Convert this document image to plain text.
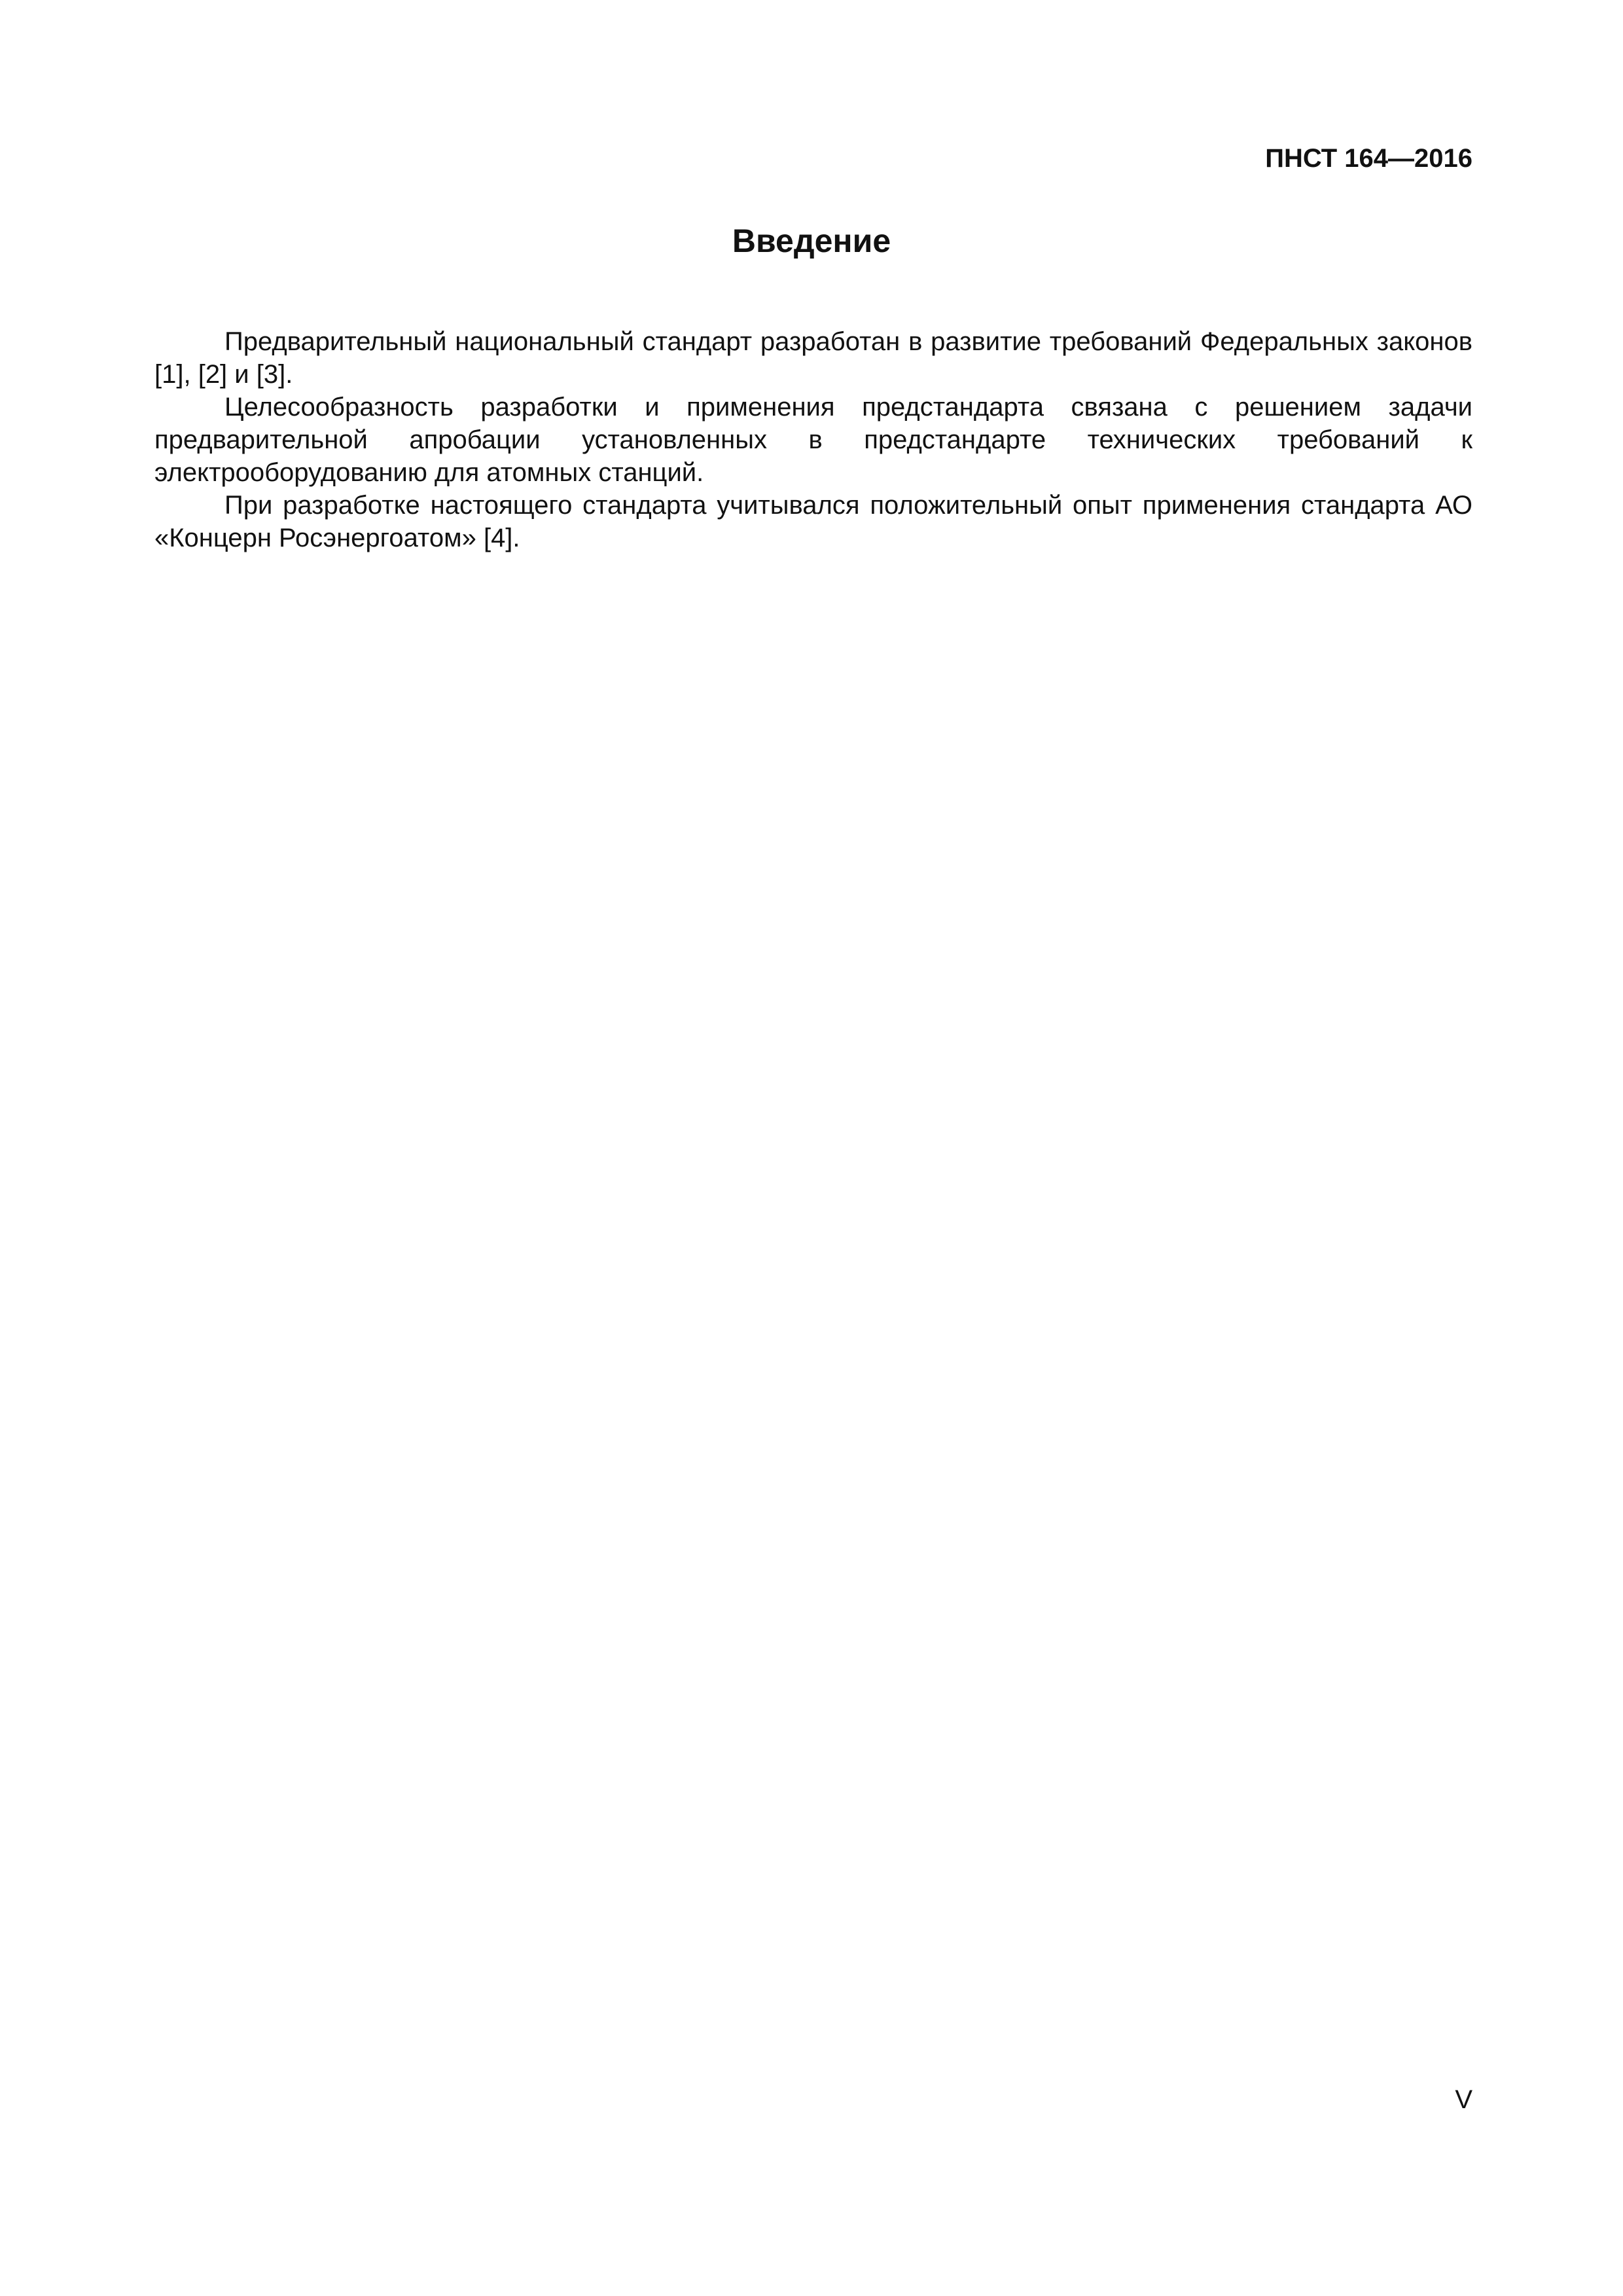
ПНСТ 164—2016
Введение

Предварительный национальный стандарт разработан в развитие требований Федеральных законов [1], [2] и [3].

Целесообразность разработки и применения предстандарта связана с решением задачи предварительной апробации установленных в предстандарте технических требований к электрооборудованию для атомных станций.

При разработке настоящего стандарта учитывался положительный опыт применения стандарта АО «Концерн Росэнергоатом» [4].

V
